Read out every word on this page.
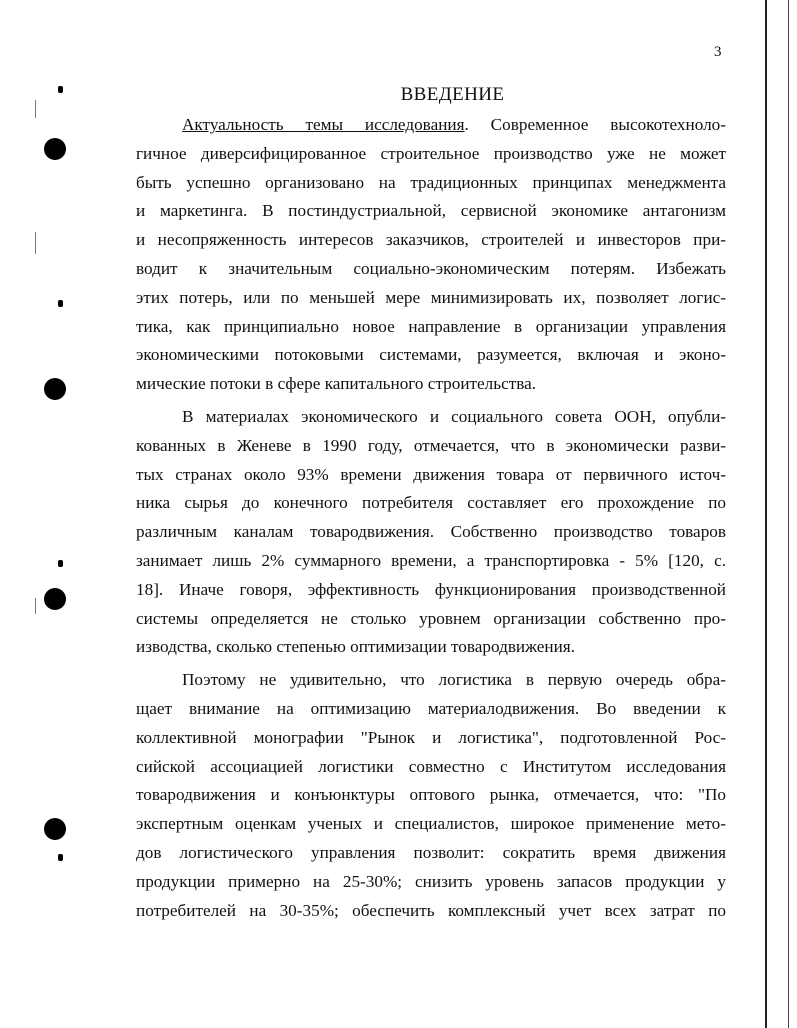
3
ВВЕДЕНИЕ
Актуальность темы исследования. Современное высокотехноло-
гичное диверсифицированное строительное производство уже не может
быть успешно организовано на традиционных принципах менеджмента
и маркетинга. В постиндустриальной, сервисной экономике антагонизм
и несопряженность интересов заказчиков, строителей и инвесторов при-
водит к значительным социально-экономическим потерям. Избежать
этих потерь, или по меньшей мере минимизировать их, позволяет логис-
тика, как принципиально новое направление в организации управления
экономическими потоковыми системами, разумеется, включая и эконо-
мические потоки в сфере капитального строительства.
В материалах экономического и социального совета ООН, опубли-
кованных в Женеве в 1990 году, отмечается, что в экономически разви-
тых странах около 93% времени движения товара от первичного источ-
ника сырья до конечного потребителя составляет его прохождение по
различным каналам товародвижения. Собственно производство товаров
занимает лишь 2% суммарного времени, а транспортировка - 5% [120, с.
18]. Иначе говоря, эффективность функционирования производственной
системы определяется не столько уровнем организации собственно про-
изводства, сколько степенью оптимизации товародвижения.
Поэтому не удивительно, что логистика в первую очередь обра-
щает внимание на оптимизацию материалодвижения. Во введении к
коллективной монографии "Рынок и логистика", подготовленной Рос-
сийской ассоциацией логистики совместно с Институтом исследования
товародвижения и конъюнктуры оптового рынка, отмечается, что: "По
экспертным оценкам ученых и специалистов, широкое применение мето-
дов логистического управления позволит: сократить время движения
продукции примерно на 25-30%; снизить уровень запасов продукции у
потребителей на 30-35%; обеспечить комплексный учет всех затрат по
